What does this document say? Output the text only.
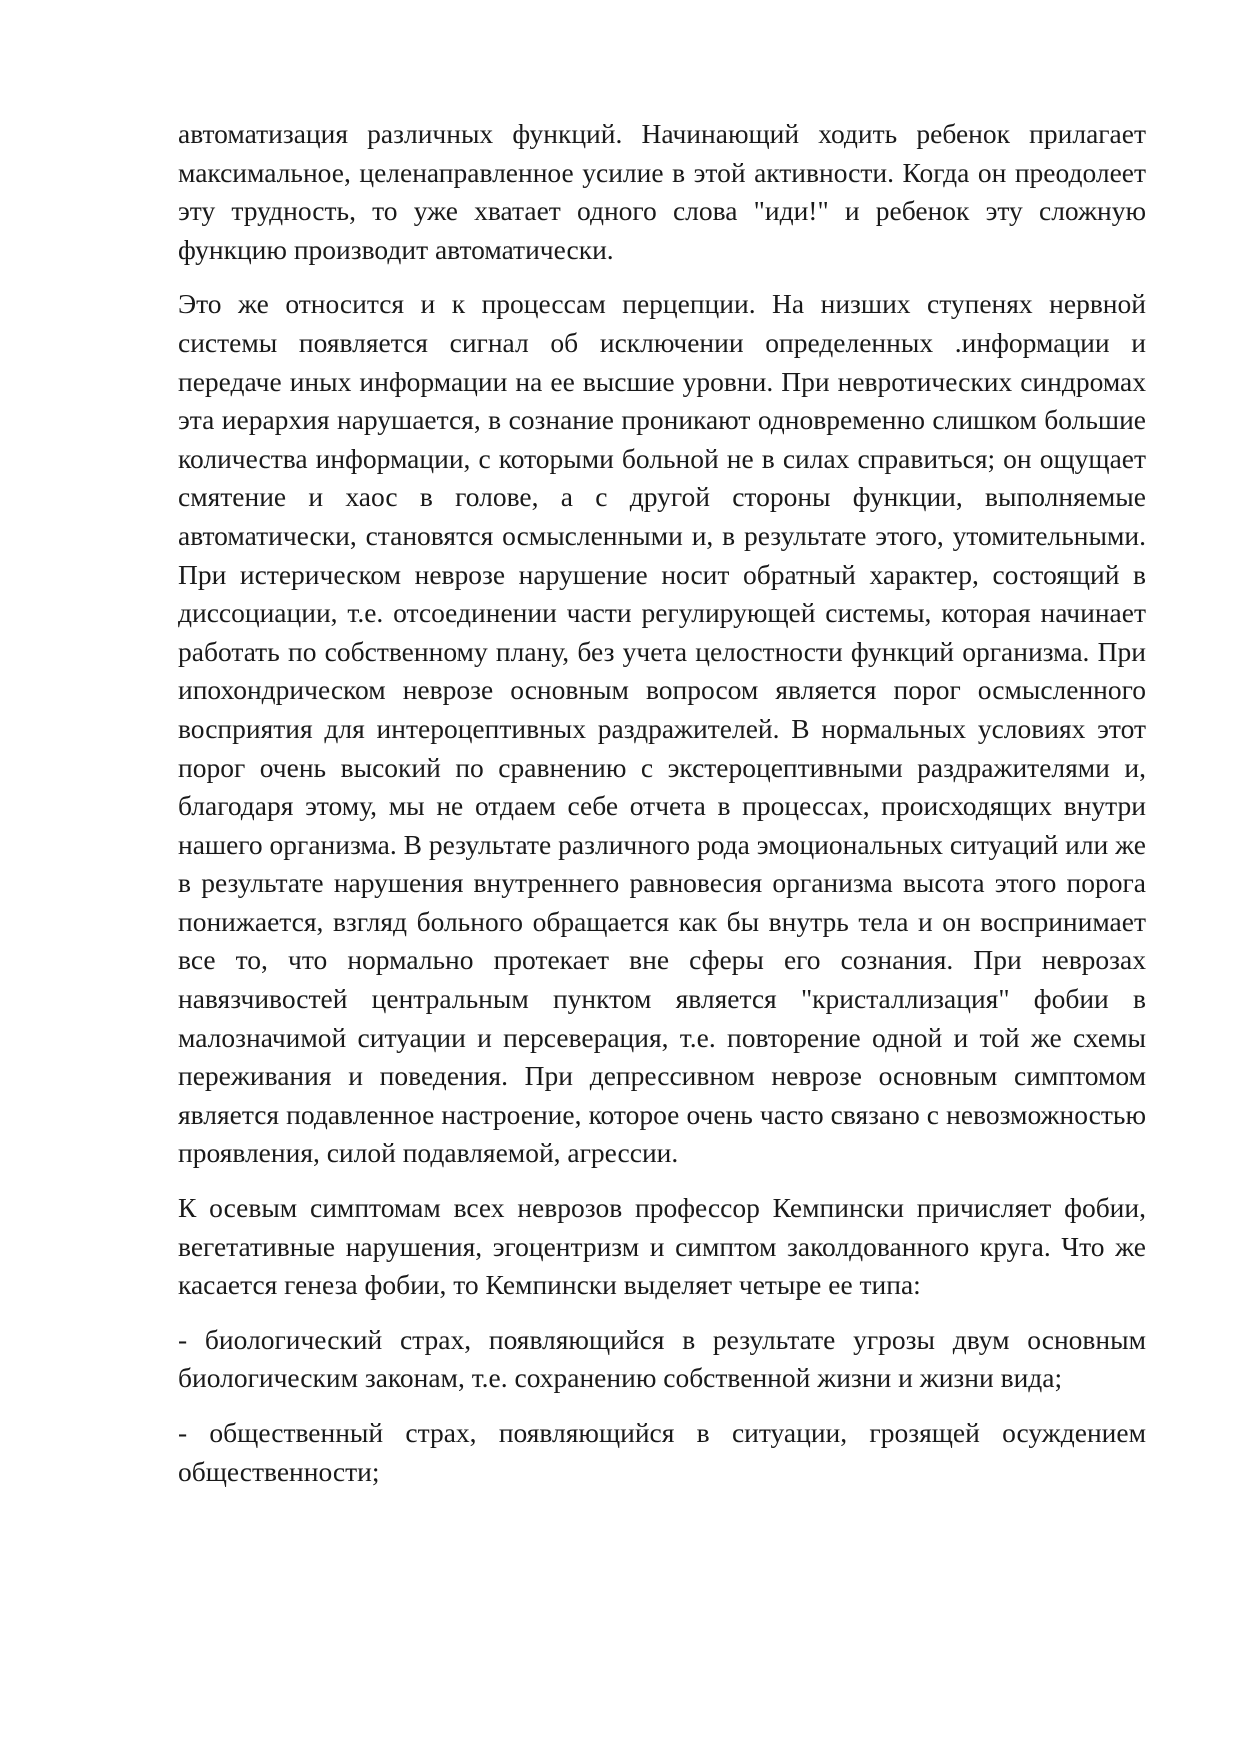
автоматизация различных функций. Начинающий ходить ребенок прилагает максимальное, целенаправленное усилие в этой активности. Когда он преодолеет эту трудность, то уже хватает одного слова "иди!" и ребенок эту сложную функцию производит автоматически.

Это же относится и к процессам перцепции. На низших ступенях нервной системы появляется сигнал об исключении определенных .информации и передаче иных информации на ее высшие уровни. При невротических синдромах эта иерархия нарушается, в сознание проникают одновременно слишком большие количества информации, с которыми больной не в силах справиться; он ощущает смятение и хаос в голове, а с другой стороны функции, выполняемые автоматически, становятся осмысленными и, в результате этого, утомительными. При истерическом неврозе нарушение носит обратный характер, состоящий в диссоциации, т.е. отсоединении части регулирующей системы, которая начинает работать по собственному плану, без учета целостности функций организма. При ипохондрическом неврозе основным вопросом является порог осмысленного восприятия для интероцептивных раздражителей. В нормальных условиях этот порог очень высокий по сравнению с экстероцептивными раздражителями и, благодаря этому, мы не отдаем себе отчета в процессах, происходящих внутри нашего организма. В результате различного рода эмоциональных ситуаций или же в результате нарушения внутреннего равновесия организма высота этого порога понижается, взгляд больного обращается как бы внутрь тела и он воспринимает все то, что нормально протекает вне сферы его сознания. При неврозах навязчивостей центральным пунктом является "кристаллизация" фобии в малозначимой ситуации и персеверация, т.е. повторение одной и той же схемы переживания и поведения. При депрессивном неврозе основным симптомом является подавленное настроение, которое очень часто связано с невозможностью проявления, силой подавляемой, агрессии.

К осевым симптомам всех неврозов профессор Кемпински причисляет фобии, вегетативные нарушения, эгоцентризм и симптом заколдованного круга. Что же касается генеза фобии, то Кемпински выделяет четыре ее типа:

- биологический страх, появляющийся в результате угрозы двум основным биологическим законам, т.е. сохранению собственной жизни и жизни вида;

- общественный страх, появляющийся в ситуации, грозящей осуждением общественности;
